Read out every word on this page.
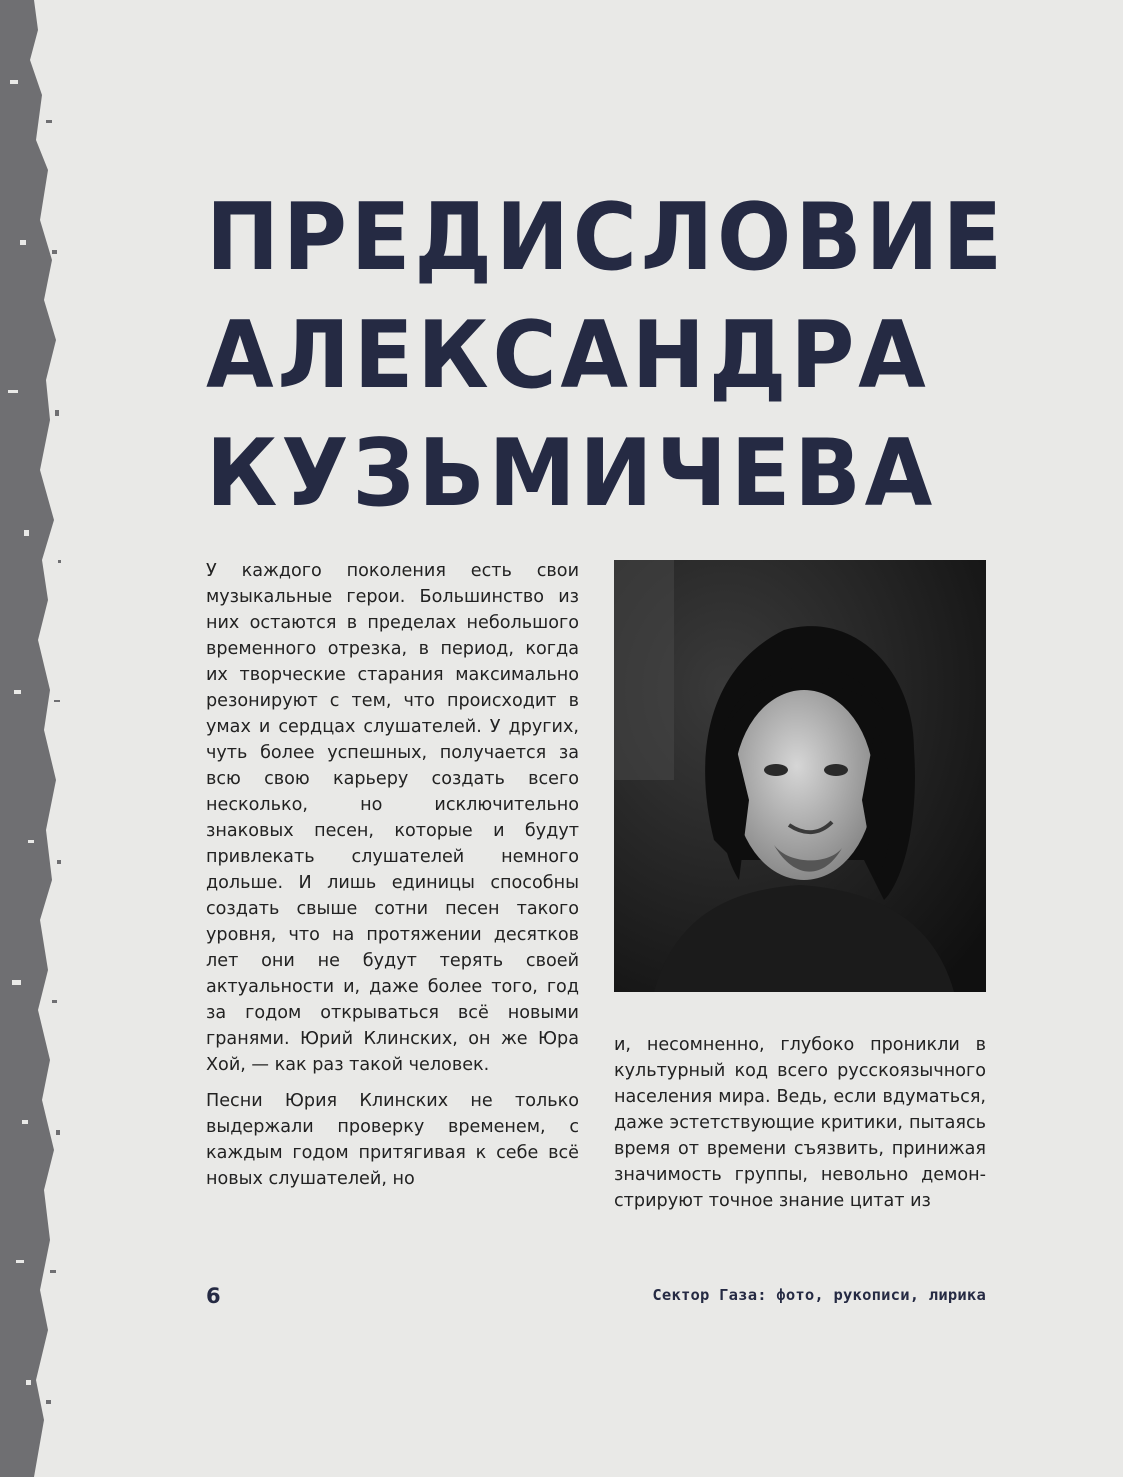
ПРЕДИСЛОВИЕ
АЛЕКСАНДРА
КУЗЬМИЧЕВА

У каждого поколения есть свои музыкальные герои. Большинство из них остаются в пределах небольшого временного отрезка, в период, когда их творческие старания максимально резонируют с тем, что происходит в умах и сердцах слушателей. У других, чуть более успешных, получается за всю свою карьеру создать всего несколько, но исключительно знаковых песен, которые и будут привлекать слушателей немного дольше. И лишь единицы способны создать свыше сотни песен такого уровня, что на протяжении десятков лет они не будут терять своей актуальности и, даже более того, год за годом открываться всё новыми гранями. Юрий Клинских, он же Юра Хой, — как раз такой человек.

Песни Юрия Клинских не только выдержали проверку временем, с каждым годом притягивая к себе всё новых слушателей, но

и, несомненно, глубоко проникли в культурный код всего русскоязычного населения мира. Ведь, если вдуматься, даже эстетствующие критики, пытаясь время от времени съязвить, принижая значимость группы, невольно демонстрируют точное знание цитат из

6	Сектор Газа: фото, рукописи, лирика
